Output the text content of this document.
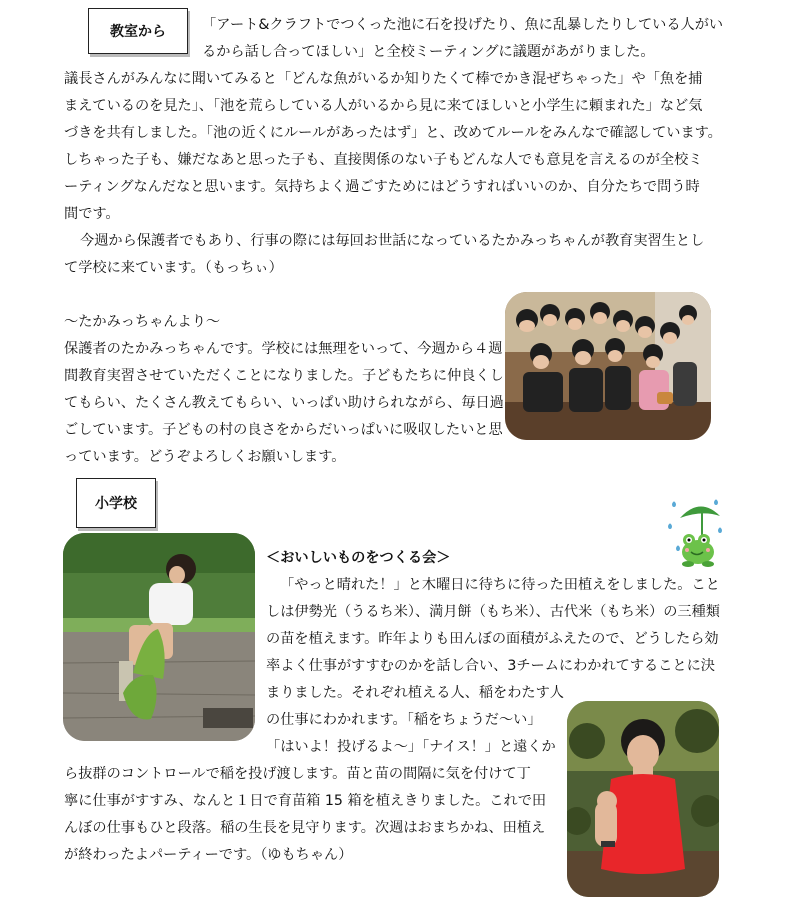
教室から	「アート&クラフトでつくった池に石を投げたり、魚に乱暴したりしている人がい
るから話し合ってほしい」と全校ミーティングに議題があがりました。
議長さんがみんなに聞いてみると「どんな魚がいるか知りたくて棒でかき混ぜちゃった」や「魚を捕
まえているのを見た」、「池を荒らしている人がいるから見に来てほしいと小学生に頼まれた」など気
づきを共有しました。「池の近くにルールがあったはず」と、改めてルールをみんなで確認しています。
しちゃった子も、嫌だなあと思った子も、直接関係のない子もどんな人でも意見を言えるのが全校ミ
ーティングなんだなと思います。気持ちよく過ごすためにはどうすればいいのか、自分たちで問う時
間です。
今週から保護者でもあり、行事の際には毎回お世話になっているたかみっちゃんが教育実習生とし
て学校に来ています。（もっちぃ）
〜たかみっちゃんより〜
保護者のたかみっちゃんです。学校には無理をいって、今週から４週
間教育実習させていただくことになりました。子どもたちに仲良くし
てもらい、たくさん教えてもらい、いっぱい助けられながら、毎日過
ごしています。子どもの村の良さをからだいっぱいに吸収したいと思
っています。どうぞよろしくお願いします。
小学校
＜おいしいものをつくる会＞
「やっと晴れた！」と木曜日に待ちに待った田植えをしました。こと
しは伊勢光（うるち米）、満月餅（もち米）、古代米（もち米）の三種類
の苗を植えます。昨年よりも田んぼの面積がふえたので、どうしたら効
率よく仕事がすすむのかを話し合い、3チームにわかれてすることに決
まりました。それぞれ植える人、稲をわたす人
の仕事にわかれます。「稲をちょうだ〜い」
「はいよ！投げるよ〜」「ナイス！」と遠くか
ら抜群のコントロールで稲を投げ渡します。苗と苗の間隔に気を付けて丁
寧に仕事がすすみ、なんと１日で育苗箱 15 箱を植えきりました。これで田
んぼの仕事もひと段落。稲の生長を見守ります。次週はおまちかね、田植え
が終わったよパーティーです。（ゆもちゃん）
